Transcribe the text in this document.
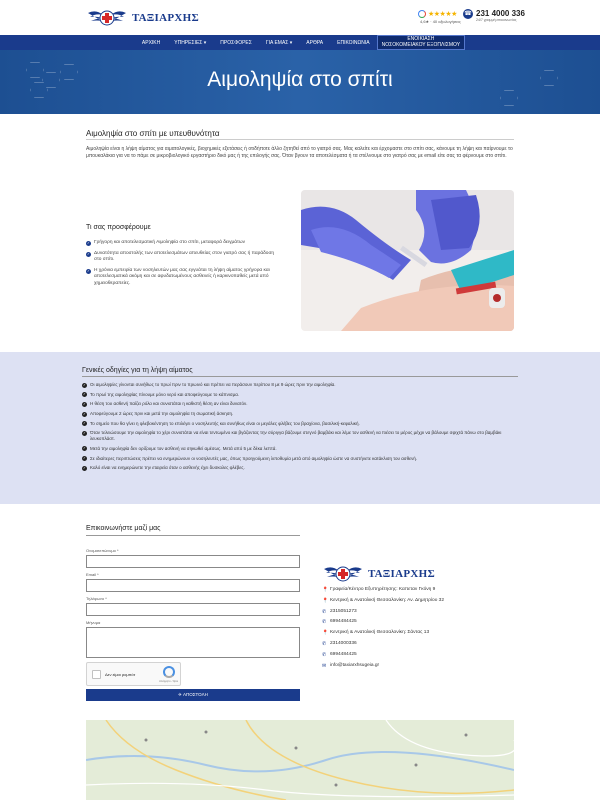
ΤΑΞΙΑΡΧΗΣ	★★★★★
4,6★ · 40 αξιολογήσεις
☎ 231 4000 336
24/7 γραμμή επικοινωνίας
ΑΡΧΙΚΗ	ΥΠΗΡΕΣΙΕΣ ▾	ΠΡΟΣΦΟΡΕΣ	ΓΙΑ ΕΜΑΣ ▾	ΑΡΘΡΑ	ΕΠΙΚΟΙΝΩΝΙΑ
ΕΝΟΙΚΙΑΣΗ
ΝΟΣΟΚΟΜΕΙΑΚΟΥ ΕΞΟΠΛΙΣΜΟΥ
Αιμοληψία στο σπίτι
Αιμοληψία στο σπίτι με υπευθυνότητα

Αιμοληψία είναι η λήψη αίματος για αιματολογικές, βιοχημικές εξετάσεις ή οτιδήποτε άλλο ζητηθεί από το γιατρό σας. Μας καλείτε και έρχομαστε στο σπίτι σας, κάνουμε τη λήψη και παίρνουμε το μπουκαλάκια για να το πάμε σε μικροβιολογικό εργαστήριο δικό μας ή της επιλογής σας. Όταν βγουν τα αποτελέσματα ή τα στέλνουμε στο γιατρό σας με email είτε σας τα φέρνουμε στο σπίτι.

Τι σας προσφέρουμε
✓ Γρήγορη και αποτελεσματική Αιμοληψία στο σπίτι, μεταφορά δειγμάτων
✓ Δυνατότητα αποστολής των αποτελεσμάτων απευθείας στον γιατρό σας ή παράδοση στο σπίτι.
✓ Η χρόνια εμπειρία των νοσηλευτών μας σας εγγυάται τη λήψη αίματος γρήγορα και αποτελεσματικά ακόμη και σε αφυδατωμένους ασθενείς ή καρκινοπαθείς μετά από χημειοθεραπείες.
Γενικές οδηγίες για τη λήψη αίματος
✓ Οι αιμοληψίες γίνονται συνήθως το πρωί πριν το πρωινό και πρέπει να περάσουν περίπου 8 με 9 ώρες πριν την αιμοληψία.
✓ Το πρωί της αιμοληψίας πίνουμε μόνο νερό και αποφεύγουμε το κάπνισμα.
✓ Η θέση του ασθενή παίζει ρόλο και συνιστάται η καθιστή θέση αν είναι δυνατόν.
✓ Αποφεύγουμε 2 ώρες πριν και μετά την αιμοληψία τη σωματική άσκηση.
✓ Το σημείο που θα γίνει η φλεβοκέντηση το επιλέγει ο νοσηλευτής και συνήθως είναι οι μεγάλες φλέβες του βραχίονα, βασιλική-κεφαλική.
✓ Όταν τελειώσουμε την αιμοληψία το χέρι συνιστάται να είναι τεντωμένο και βγάζοντας την σύριγγα βάζουμε στεγνό βαμβάκι και λέμε τον ασθενή να πιέσει το μέρος μέχρι να βάλουμε σφιχτά πάνω στο βαμβάκι λευκοπλάστ.
✓ Μετά την αιμοληψία δεν ορίζουμε τον ασθενή να σηκωθεί αμέσως. Μετά από 5 με δέκα λεπτά.
✓ Σε ιδιαίτερες περιπτώσεις πρέπει να ενημερώνουν οι νοσηλευτές μας, όπως προηγούμενη λιποθυμία μετά από αιμοληψία ώστε να συστήνετε κατάκλιση του ασθενή.
✓ Καλό είναι να ενημερώνετε την εταιρεία όταν ο ασθενής έχει δυσκολες φλέβες.
Επικοινωνήστε μαζί μας
Ονοματεπώνυμο *
Email *
Τηλέφωνο *
Μήνυμα
Δεν είμαι ρομπότ
Απόρρητο - Όροι
✈ ΑΠΟΣΤΟΛΗ
ΤΑΞΙΑΡΧΗΣ
📍 Γραφεία/Κέντρο Εξυπηρέτησης: Καπεταν Γκόνη 9
📍 Κεντρική & Ανατολική Θεσσαλονίκη: Αν. Δημητρίου 32
✆ 2315051273
✆ 6994484425
📍 Κεντρική & Ανατολική Θεσσαλονίκη: Σάντας 13
✆ 2314000336
✆ 6994484425
✉ info@taxiarxhsugeia.gr
